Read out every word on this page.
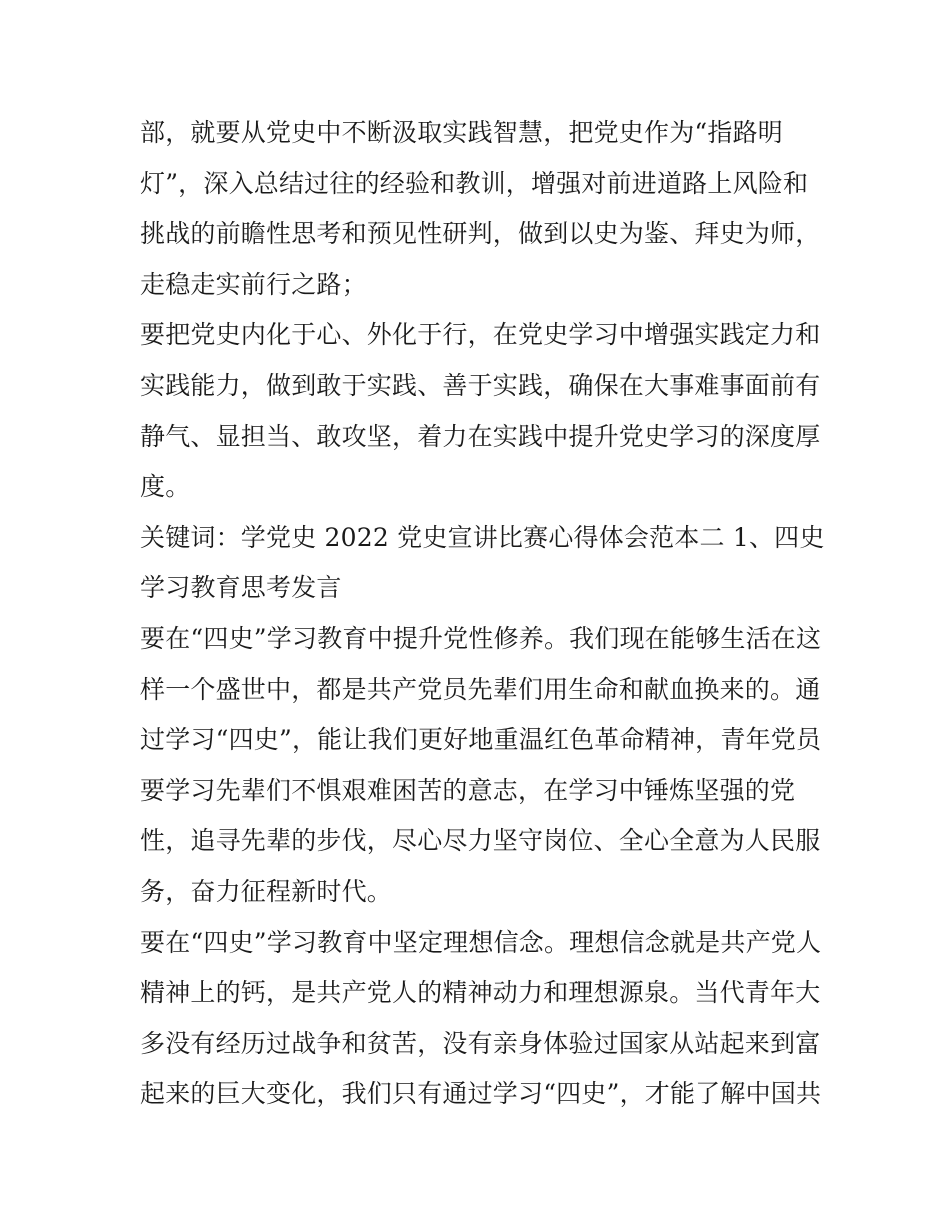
部，就要从党史中不断汲取实践智慧，把党史作为“指路明
灯”，深入总结过往的经验和教训，增强对前进道路上风险和
挑战的前瞻性思考和预见性研判，做到以史为鉴、拜史为师，
走稳走实前行之路；

要把党史内化于心、外化于行，在党史学习中增强实践定力和
实践能力，做到敢于实践、善于实践，确保在大事难事面前有
静气、显担当、敢攻坚，着力在实践中提升党史学习的深度厚
度。

关键词：学党史 2022 党史宣讲比赛心得体会范本二 1、四史
学习教育思考发言

要在“四史”学习教育中提升党性修养。我们现在能够生活在这
样一个盛世中，都是共产党员先辈们用生命和献血换来的。通
过学习“四史”，能让我们更好地重温红色革命精神，青年党员
要学习先辈们不惧艰难困苦的意志，在学习中锤炼坚强的党
性，追寻先辈的步伐，尽心尽力坚守岗位、全心全意为人民服
务，奋力征程新时代。

要在“四史”学习教育中坚定理想信念。理想信念就是共产党人
精神上的钙，是共产党人的精神动力和理想源泉。当代青年大
多没有经历过战争和贫苦，没有亲身体验过国家从站起来到富
起来的巨大变化，我们只有通过学习“四史”，才能了解中国共
